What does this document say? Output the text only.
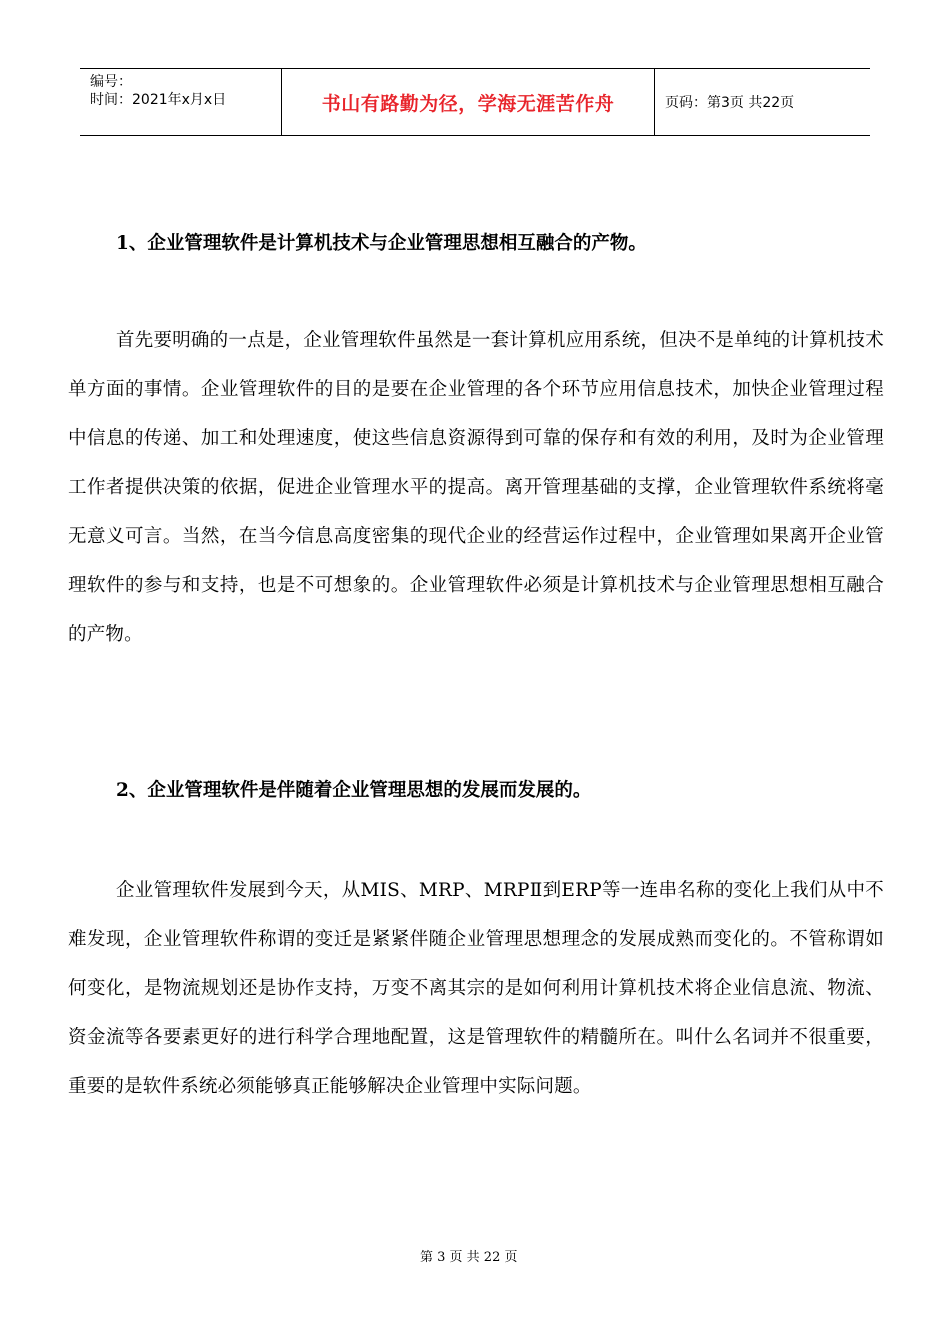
编号：
时间：2021年x月x日	书山有路勤为径，学海无涯苦作舟	页码：第3页 共22页

1、企业管理软件是计算机技术与企业管理思想相互融合的产物。

首先要明确的一点是，企业管理软件虽然是一套计算机应用系统，但决不是单纯的计算机技术单方面的事情。企业管理软件的目的是要在企业管理的各个环节应用信息技术，加快企业管理过程中信息的传递、加工和处理速度，使这些信息资源得到可靠的保存和有效的利用，及时为企业管理工作者提供决策的依据，促进企业管理水平的提高。离开管理基础的支撑，企业管理软件系统将毫无意义可言。当然，在当今信息高度密集的现代企业的经营运作过程中，企业管理如果离开企业管理软件的参与和支持，也是不可想象的。企业管理软件必须是计算机技术与企业管理思想相互融合的产物。

2、企业管理软件是伴随着企业管理思想的发展而发展的。

企业管理软件发展到今天，从MIS、MRP、MRPⅡ到ERP等一连串名称的变化上我们从中不难发现，企业管理软件称谓的变迁是紧紧伴随企业管理思想理念的发展成熟而变化的。不管称谓如何变化，是物流规划还是协作支持，万变不离其宗的是如何利用计算机技术将企业信息流、物流、资金流等各要素更好的进行科学合理地配置，这是管理软件的精髓所在。叫什么名词并不很重要，重要的是软件系统必须能够真正能够解决企业管理中实际问题。

第 3 页 共 22 页
